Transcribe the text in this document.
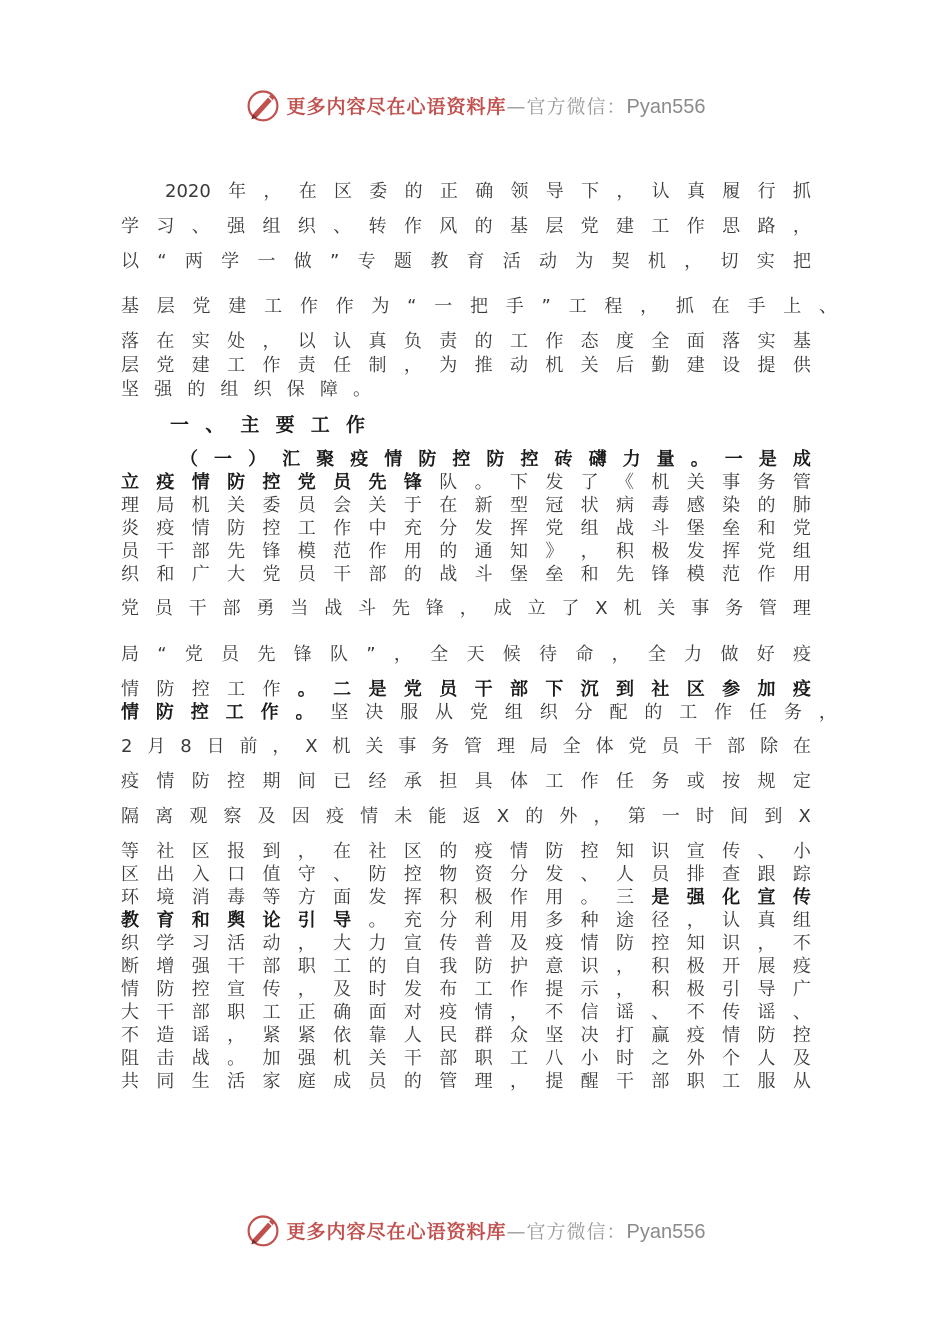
更多内容尽在心语资料库—官方微信：Pyan556
2020 年 ， 在 区 委 的 正 确 领 导 下 ， 认 真 履 行 抓
学 习 、 强 组 织 、 转 作 风 的 基 层 党 建 工 作 思 路 ，
以 “ 两 学 一 做 ” 专 题 教 育 活 动 为 契 机 ， 切 实 把
基 层 党 建 工 作 作 为 “ 一 把 手 ” 工 程 ， 抓 在 手 上 、
落 在 实 处 ， 以 认 真 负 责 的 工 作 态 度 全 面 落 实 基
层 党 建 工 作 责 任 制 ， 为 推 动 机 关 后 勤 建 设 提 供
坚 强 的 组 织 保 障 。
一 、 主 要 工 作
（ 一 ） 汇 聚 疫 情 防 控 防 控 砖 礴 力 量 。 一 是 成
立 疫 情 防 控 党 员 先 锋 队 。 下 发 了 《 机 关 事 务 管
理 局 机 关 委 员 会 关 于 在 新 型 冠 状 病 毒 感 染 的 肺
炎 疫 情 防 控 工 作 中 充 分 发 挥 党 组 战 斗 堡 垒 和 党
员 干 部 先 锋 模 范 作 用 的 通 知 》 ， 积 极 发 挥 党 组
织 和 广 大 党 员 干 部 的 战 斗 堡 垒 和 先 锋 模 范 作 用
党 员 干 部 勇 当 战 斗 先 锋 ， 成 立 了 X 机 关 事 务 管 理
局 “ 党 员 先 锋 队 ” ， 全 天 候 待 命 ， 全 力 做 好 疫
情 防 控 工 作 。 二 是 党 员 干 部 下 沉 到 社 区 参 加 疫
情 防 控 工 作 。 坚 决 服 从 党 组 织 分 配 的 工 作 任 务 ，
2 月 8 日 前 ， X 机 关 事 务 管 理 局 全 体 党 员 干 部 除 在
疫 情 防 控 期 间 已 经 承 担 具 体 工 作 任 务 或 按 规 定
隔 离 观 察 及 因 疫 情 未 能 返 X 的 外 ， 第 一 时 间 到 X
等 社 区 报 到 ， 在 社 区 的 疫 情 防 控 知 识 宣 传 、 小
区 出 入 口 值 守 、 防 控 物 资 分 发 、 人 员 排 查 跟 踪
环 境 消 毒 等 方 面 发 挥 积 极 作 用 。 三 是 强 化 宣 传
教 育 和 舆 论 引 导 。 充 分 利 用 多 种 途 径 ， 认 真 组
织 学 习 活 动 ， 大 力 宣 传 普 及 疫 情 防 控 知 识 ， 不
断 增 强 干 部 职 工 的 自 我 防 护 意 识 ， 积 极 开 展 疫
情 防 控 宣 传 ， 及 时 发 布 工 作 提 示 ， 积 极 引 导 广
大 干 部 职 工 正 确 面 对 疫 情 ， 不 信 谣 、 不 传 谣 、
不 造 谣 ， 紧 紧 依 靠 人 民 群 众 坚 决 打 赢 疫 情 防 控
阻 击 战 。 加 强 机 关 干 部 职 工 八 小 时 之 外 个 人 及
共 同 生 活 家 庭 成 员 的 管 理 ， 提 醒 干 部 职 工 服 从
更多内容尽在心语资料库—官方微信：Pyan556
